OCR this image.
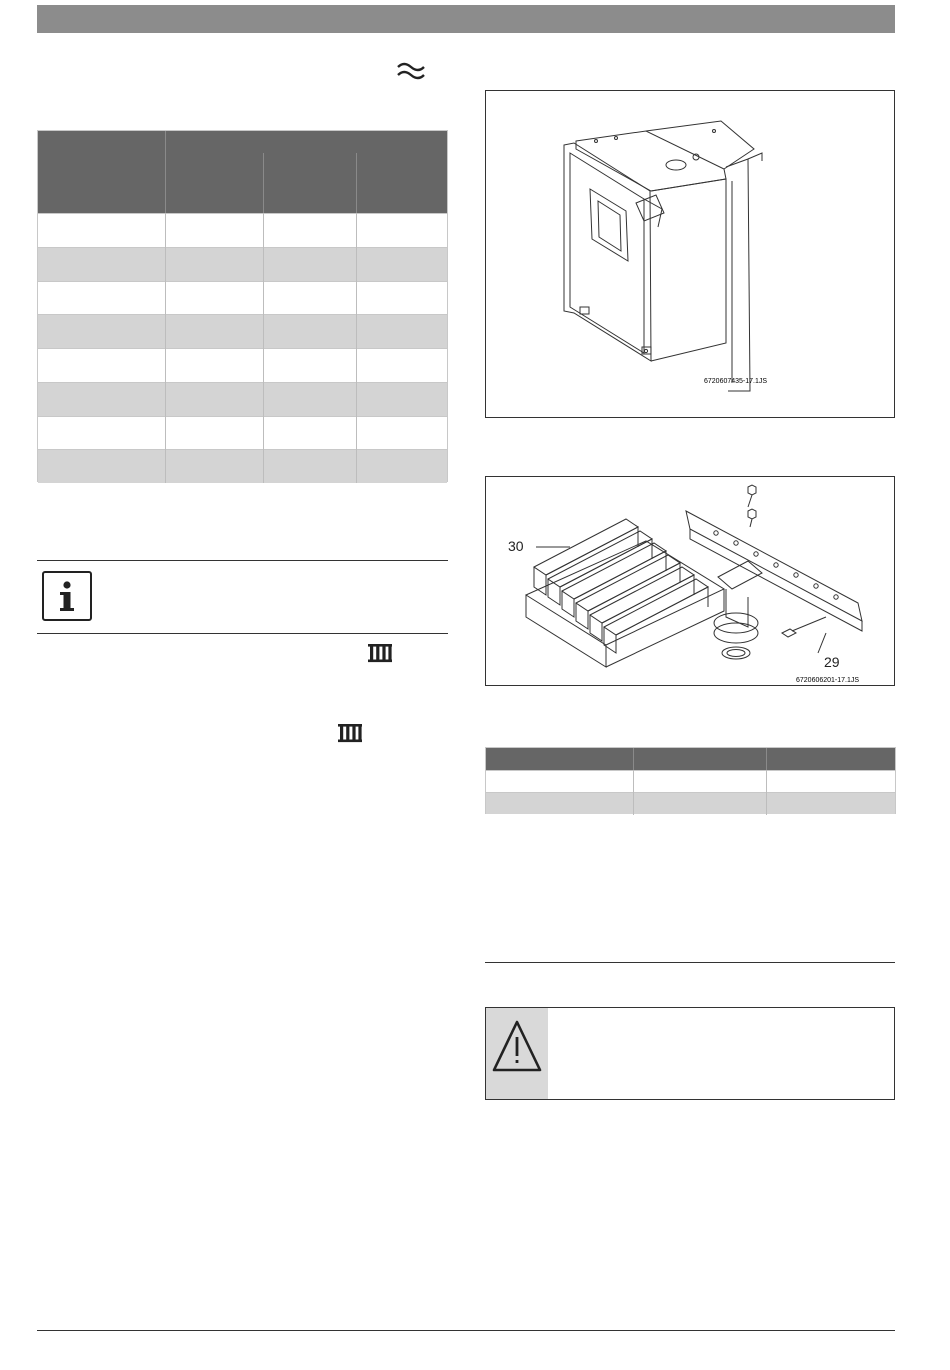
6720607435-17.1JS
30
29
6720606201-17.1JS
